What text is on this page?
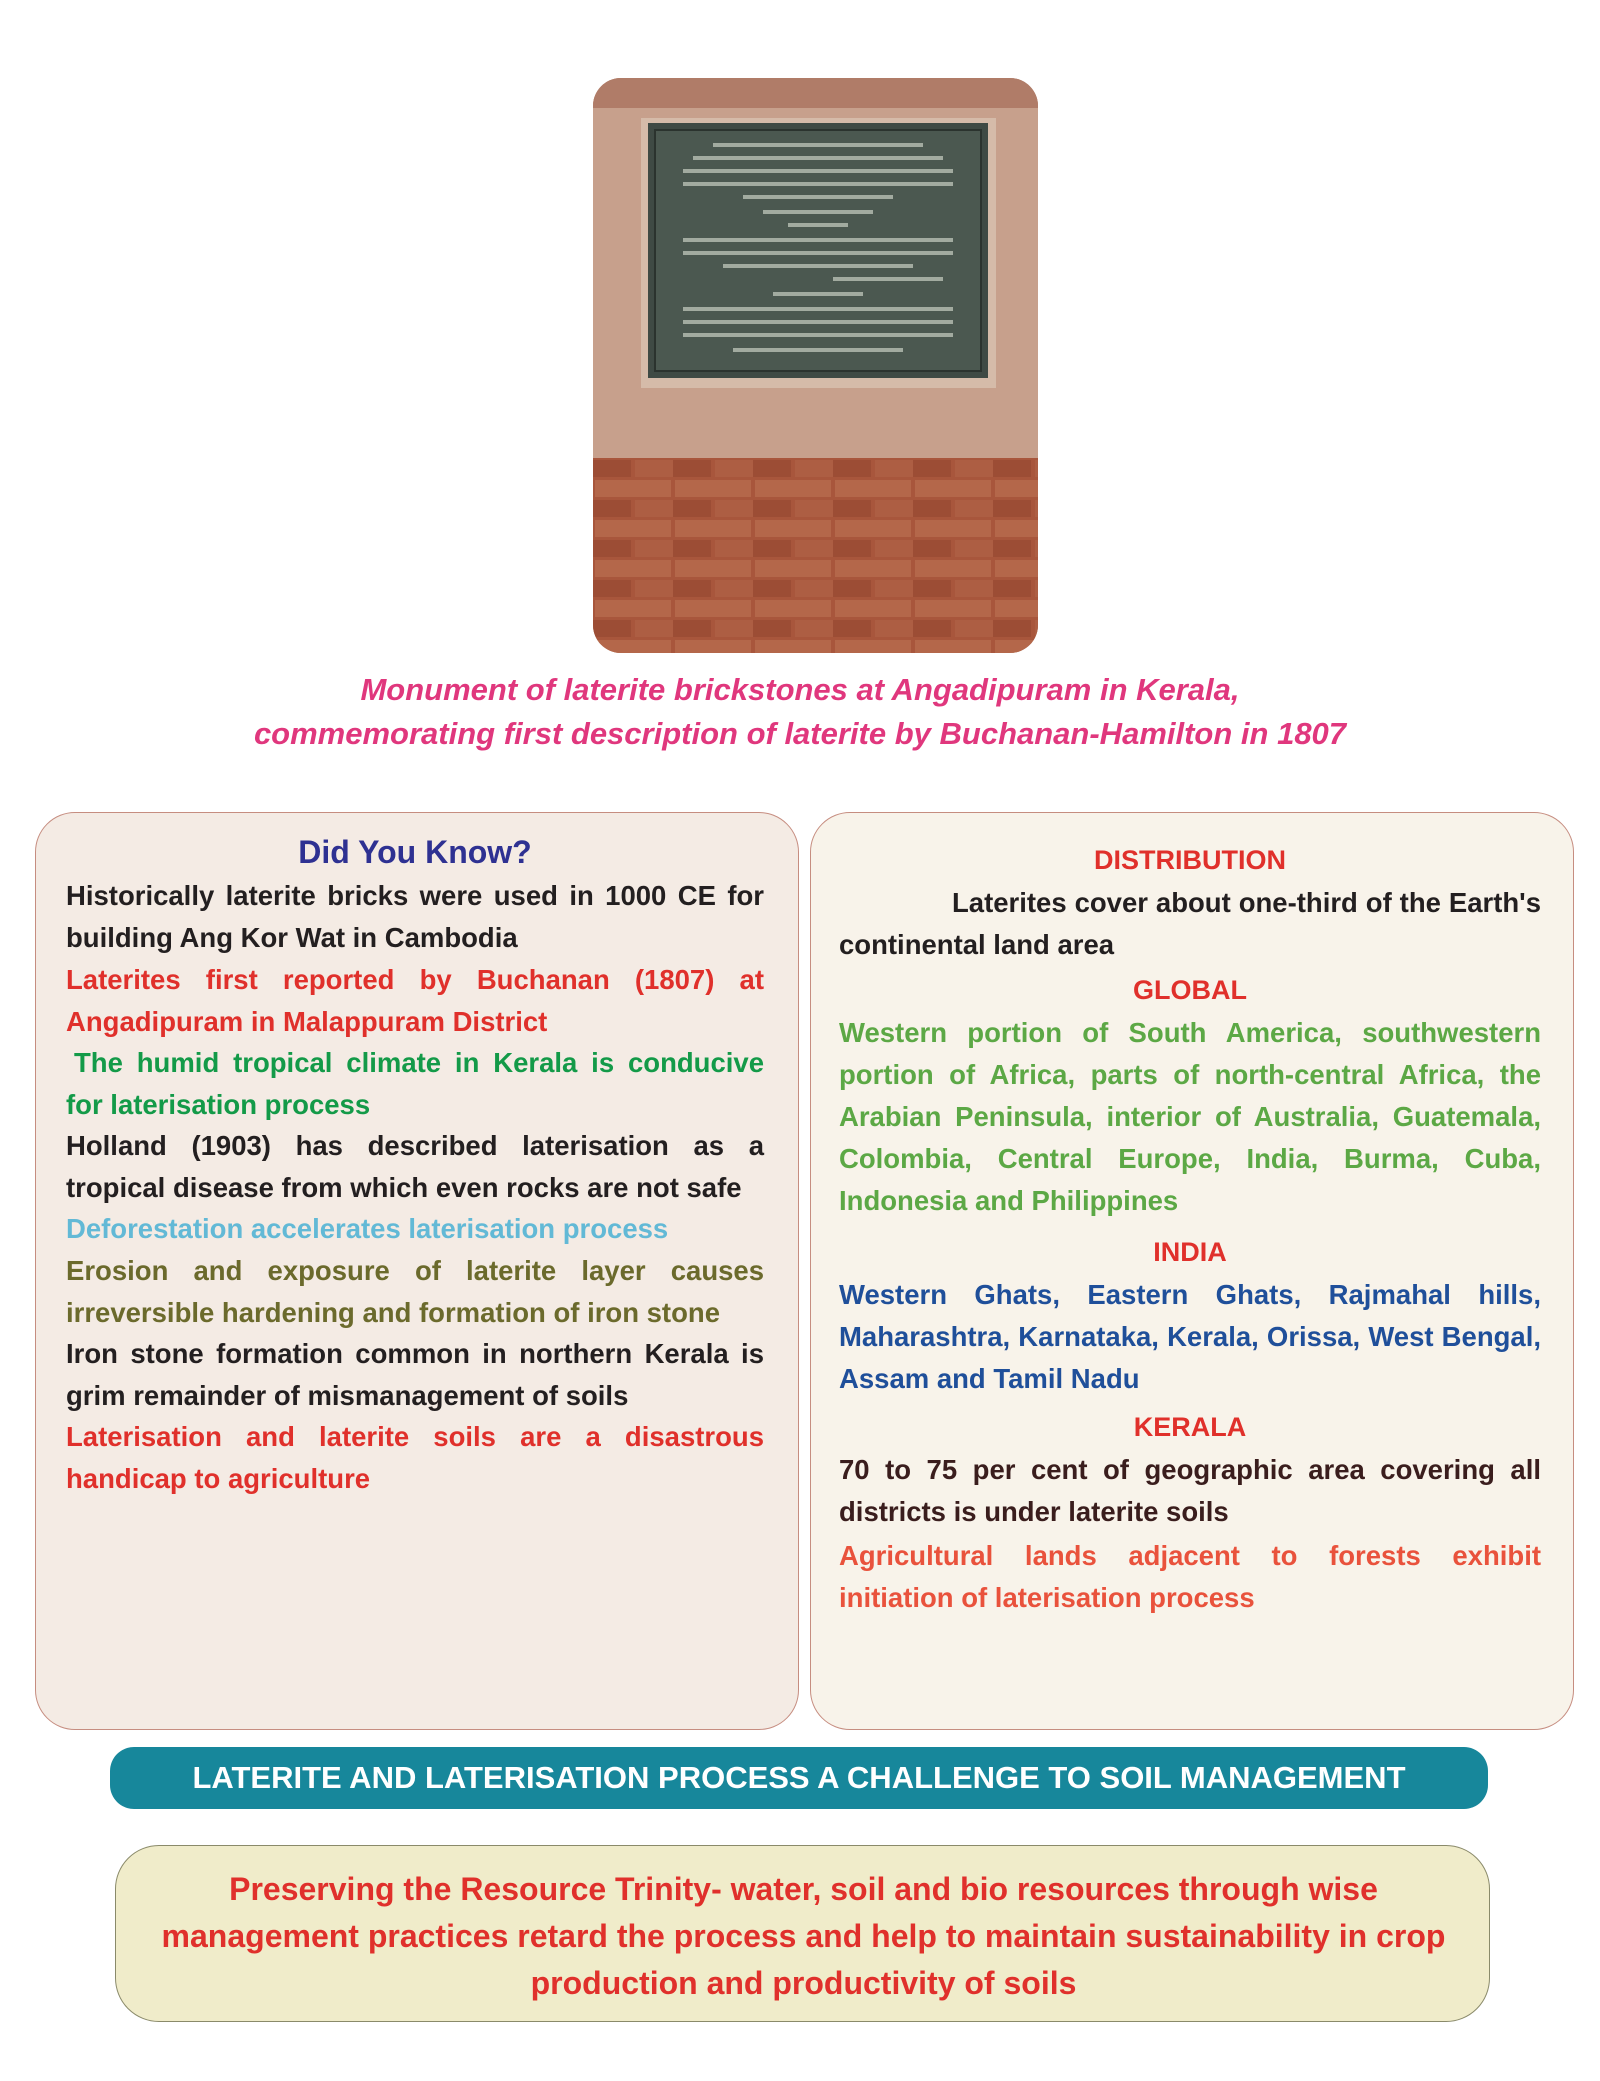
Monument of laterite brickstones at Angadipuram in Kerala,
commemorating first description of laterite by Buchanan-Hamilton in 1807

Did You Know?

Historically laterite bricks were used in 1000 CE for building Ang Kor Wat in Cambodia

Laterites first reported by Buchanan (1807) at Angadipuram in Malappuram District

The humid tropical climate in Kerala is conducive for laterisation process

Holland (1903) has described laterisation as a tropical disease from which even rocks are not safe

Deforestation accelerates laterisation process

Erosion and exposure of laterite layer causes irreversible hardening and formation of iron stone

Iron stone formation common in northern Kerala is grim remainder of mismanagement of soils

Laterisation and laterite soils are a disastrous handicap to agriculture

DISTRIBUTION

Laterites cover about one-third of the Earth's continental land area

GLOBAL

Western portion of South America, southwestern portion of Africa, parts of north-central Africa, the Arabian Peninsula, interior of Australia, Guatemala, Colombia, Central Europe, India, Burma, Cuba, Indonesia and Philippines

INDIA

Western Ghats, Eastern Ghats, Rajmahal hills, Maharashtra, Karnataka, Kerala, Orissa, West Bengal, Assam and Tamil Nadu

KERALA

70 to 75 per cent of geographic area covering all districts is under laterite soils

Agricultural lands adjacent to forests exhibit initiation of laterisation process

LATERITE AND LATERISATION PROCESS A CHALLENGE TO SOIL MANAGEMENT

Preserving the Resource Trinity- water, soil and bio resources through wise management practices retard the process and help to maintain sustainability in crop production and productivity of soils
